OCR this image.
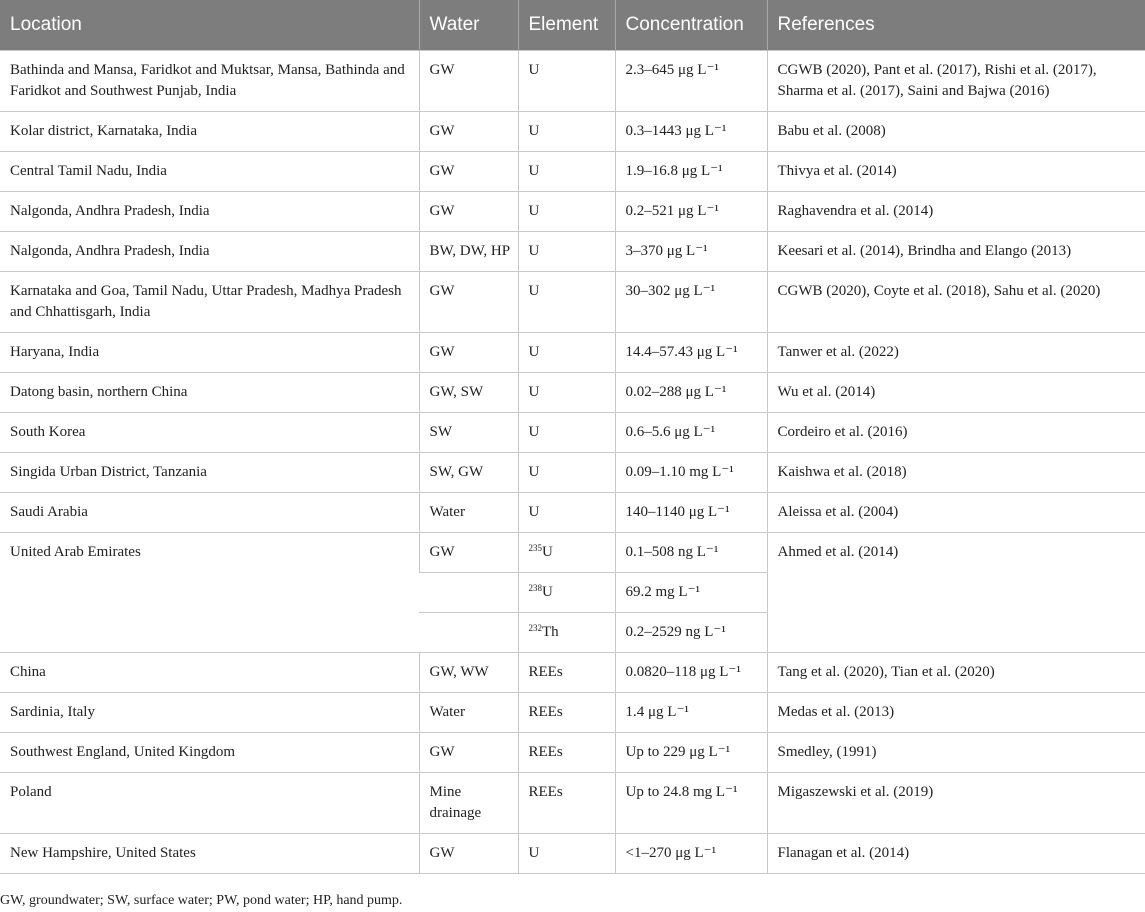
Location	Water	Element	Concentration	References
Bathinda and Mansa, Faridkot and Muktsar, Mansa, Bathinda and Faridkot and Southwest Punjab, India	GW	U	2.3–645 μg L⁻¹	CGWB (2020), Pant et al. (2017), Rishi et al. (2017), Sharma et al. (2017), Saini and Bajwa (2016)
Kolar district, Karnataka, India	GW	U	0.3–1443 μg L⁻¹	Babu et al. (2008)
Central Tamil Nadu, India	GW	U	1.9–16.8 μg L⁻¹	Thivya et al. (2014)
Nalgonda, Andhra Pradesh, India	GW	U	0.2–521 μg L⁻¹	Raghavendra et al. (2014)
Nalgonda, Andhra Pradesh, India	BW, DW, HP	U	3–370 μg L⁻¹	Keesari et al. (2014), Brindha and Elango (2013)
Karnataka and Goa, Tamil Nadu, Uttar Pradesh, Madhya Pradesh and Chhattisgarh, India	GW	U	30–302 μg L⁻¹	CGWB (2020), Coyte et al. (2018), Sahu et al. (2020)
Haryana, India	GW	U	14.4–57.43 μg L⁻¹	Tanwer et al. (2022)
Datong basin, northern China	GW, SW	U	0.02–288 μg L⁻¹	Wu et al. (2014)
South Korea	SW	U	0.6–5.6 μg L⁻¹	Cordeiro et al. (2016)
Singida Urban District, Tanzania	SW, GW	U	0.09–1.10 mg L⁻¹	Kaishwa et al. (2018)
Saudi Arabia	Water	U	140–1140 μg L⁻¹	Aleissa et al. (2004)
United Arab Emirates	GW	$^{235}$U	0.1–508 ng L⁻¹	Ahmed et al. (2014)
		$^{238}$U	69.2 mg L⁻¹	
		$^{232}$Th	0.2–2529 ng L⁻¹	
China	GW, WW	REEs	0.0820–118 μg L⁻¹	Tang et al. (2020), Tian et al. (2020)
Sardinia, Italy	Water	REEs	1.4 μg L⁻¹	Medas et al. (2013)
Southwest England, United Kingdom	GW	REEs	Up to 229 μg L⁻¹	Smedley, (1991)
Poland	Mine drainage	REEs	Up to 24.8 mg L⁻¹	Migaszewski et al. (2019)
New Hampshire, United States	GW	U	<1–270 μg L⁻¹	Flanagan et al. (2014)
GW, groundwater; SW, surface water; PW, pond water; HP, hand pump.
